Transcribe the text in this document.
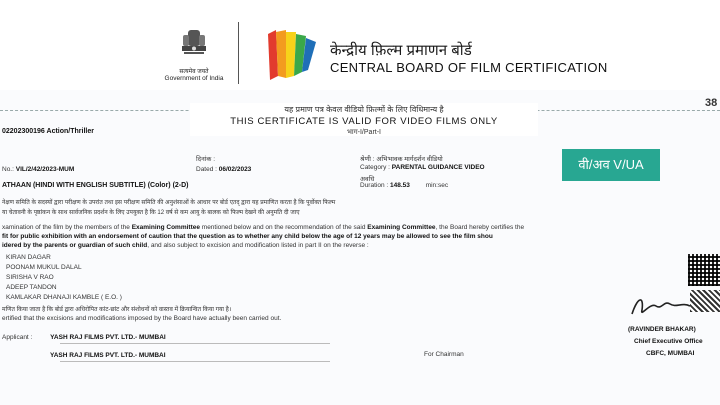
सत्यमेव जयते
Government of India
केन्द्रीय फ़िल्म प्रमाणन बोर्ड
CENTRAL BOARD OF FILM CERTIFICATION
38
यह प्रमाण पत्र केवल वीडियो फ़िल्मों के लिए विधिमान्य है
THIS CERTIFICATE IS VALID FOR VIDEO FILMS ONLY
भाग-I/Part-I
02202300196 Action/Thriller
No.: VIL/2/42/2023-MUM
दिनांक :
Dated : 06/02/2023
ATHAAN (HINDI WITH ENGLISH SUBTITLE) (Color) (2-D)
श्रेणी : अभिभावक मार्गदर्शन वीडियो
Category : PARENTAL GUIDANCE VIDEO
अवधि
Duration : 148.53 min:sec
वी/अव V/UA
नेक्षण समिति के सदस्यों द्वारा परीक्षण के उपरांत तथा इस परीक्षण समिति की अनुशंसाओं के आधार पर बोर्ड एतद् द्वारा यह प्रमाणित करता है कि पूर्वोक्त फिल्म
या चेतावनी के पृष्ठांकन के साथ सार्वजनिक प्रदर्शन के लिए उपयुक्त है कि 12 वर्ष से कम आयु के बालक को फिल्म देखने की अनुमति दी जाए
xamination of the film by the members of the Examining Committee mentioned below and on the recommendation of the said Examining Committee, the Board hereby certifies the
fit for public exhibition with an endorsement of caution that the question as to whether any child below the age of 12 years may be allowed to see the film shou
idered by the parents or guardian of such child, and also subject to excision and modification listed in part II on the reverse :
KIRAN DAGAR
POONAM MUKUL DALAL
SIRISHA V RAO
ADEEP TANDON
KAMLAKAR DHANAJI KAMBLE ( E.O. )
मणित किया जाता है कि बोर्ड द्वारा अधिरोपित कांट-छांट और संशोधनों को वास्तव में क्रियान्वित किया गया है।
ertified that the excisions and modifications imposed by the Board have actually been carried out.
Applicant : YASH RAJ FILMS PVT. LTD.- MUMBAI
YASH RAJ FILMS PVT. LTD.- MUMBAI	For Chairman
(RAVINDER BHAKAR)
Chief Executive Office
CBFC, MUMBAI
